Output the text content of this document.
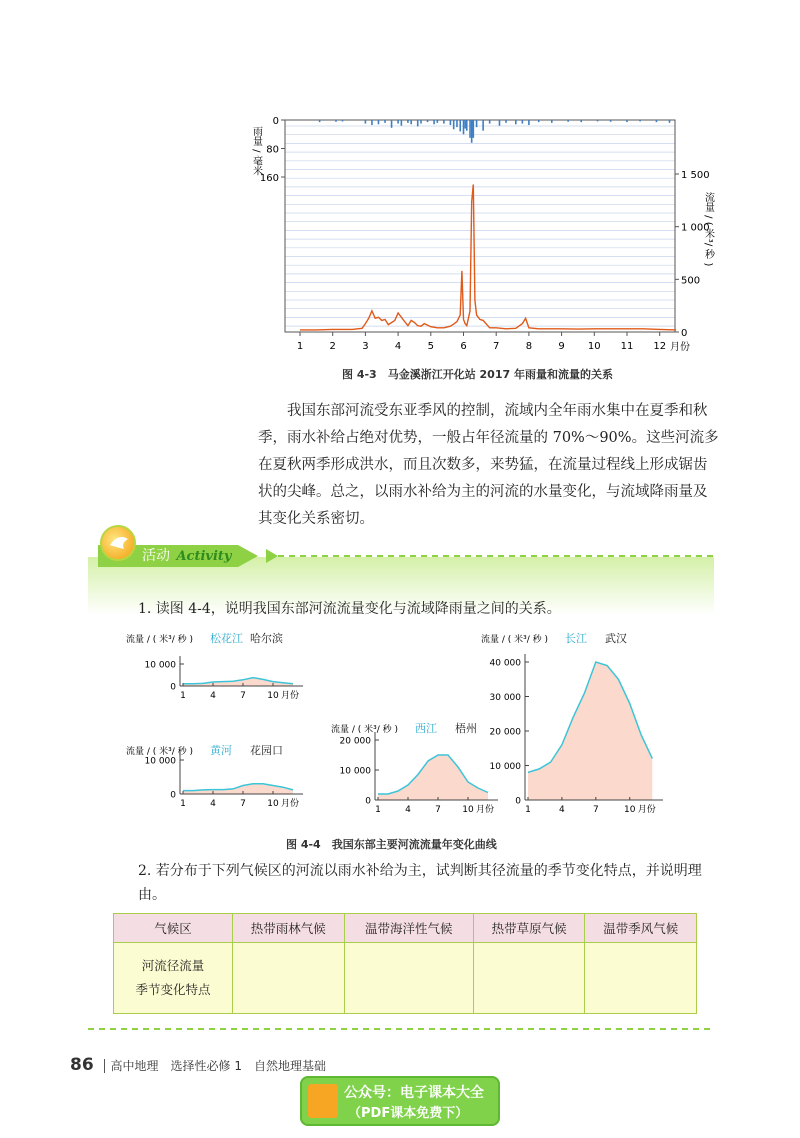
1	2	3	4	5	6	7	8	9 10 11 12
0
80
160
0
500
1 000
1 500
雨量 / 毫米
流量 / ( 米³/ 秒 )
月份
图 4-3　马金溪浙江开化站 2017 年雨量和流量的关系
我国东部河流受东亚季风的控制，流域内全年雨水集中在夏季和秋季，雨水补给占绝对优势，一般占年径流量的 70%～90%。这些河流多在夏秋两季形成洪水，而且次数多，来势猛，在流量过程线上形成锯齿状的尖峰。总之，以雨水补给为主的河流的水量变化，与流域降雨量及其变化关系密切。
活动 Activity
1. 读图 4-4，说明我国东部河流流量变化与流域降雨量之间的关系。
0
10 000
1	4	7 10 月份
流量 / ( 米³/ 秒 ) 松花江 哈尔滨
0
10 000
1	4	7 10 月份
流量 / ( 米³/ 秒 ) 黄河 花园口
0
10 000
20 000
1	4	7 10 月份
流量 / ( 米³/ 秒 ) 西江 梧州
0
10 000
20 000
30 000
40 000
1	4	7	10 月份
流量 / ( 米³/ 秒 ) 长江 武汉
图 4-4　我国东部主要河流流量年变化曲线
2. 若分布于下列气候区的河流以雨水补给为主，试判断其径流量的季节变化特点，并说明理由。
气候区	热带雨林气候	温带海洋性气候	热带草原气候	温带季风气候

河流径流量
季节变化特点				

86 高中地理　选择性必修 1　自然地理基础
公众号：电子课本大全
（PDF课本免费下）
